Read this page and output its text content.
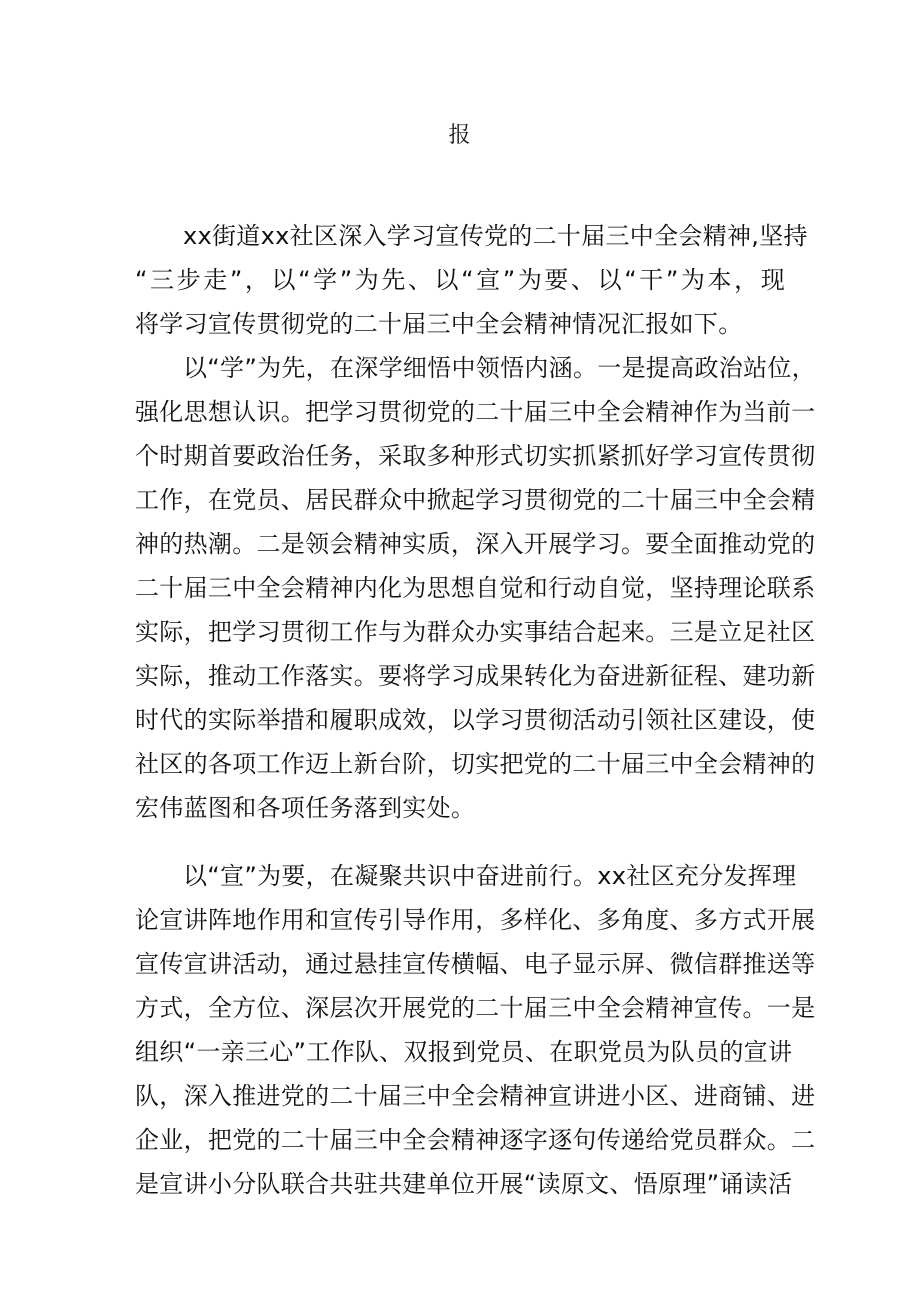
报
xx街道xx社区深入学习宣传党的二十届三中全会精神,坚持
“三步走”，以“学”为先、以“宣”为要、以“干”为本，现
将学习宣传贯彻党的二十届三中全会精神情况汇报如下。
以“学”为先，在深学细悟中领悟内涵。一是提高政治站位，
强化思想认识。把学习贯彻党的二十届三中全会精神作为当前一
个时期首要政治任务，采取多种形式切实抓紧抓好学习宣传贯彻
工作，在党员、居民群众中掀起学习贯彻党的二十届三中全会精
神的热潮。二是领会精神实质，深入开展学习。要全面推动党的
二十届三中全会精神内化为思想自觉和行动自觉，坚持理论联系
实际，把学习贯彻工作与为群众办实事结合起来。三是立足社区
实际，推动工作落实。要将学习成果转化为奋进新征程、建功新
时代的实际举措和履职成效，以学习贯彻活动引领社区建设，使
社区的各项工作迈上新台阶，切实把党的二十届三中全会精神的
宏伟蓝图和各项任务落到实处。
以“宣”为要，在凝聚共识中奋进前行。xx社区充分发挥理
论宣讲阵地作用和宣传引导作用，多样化、多角度、多方式开展
宣传宣讲活动，通过悬挂宣传横幅、电子显示屏、微信群推送等
方式，全方位、深层次开展党的二十届三中全会精神宣传。一是
组织“一亲三心”工作队、双报到党员、在职党员为队员的宣讲
队，深入推进党的二十届三中全会精神宣讲进小区、进商铺、进
企业，把党的二十届三中全会精神逐字逐句传递给党员群众。二
是宣讲小分队联合共驻共建单位开展“读原文、悟原理”诵读活
